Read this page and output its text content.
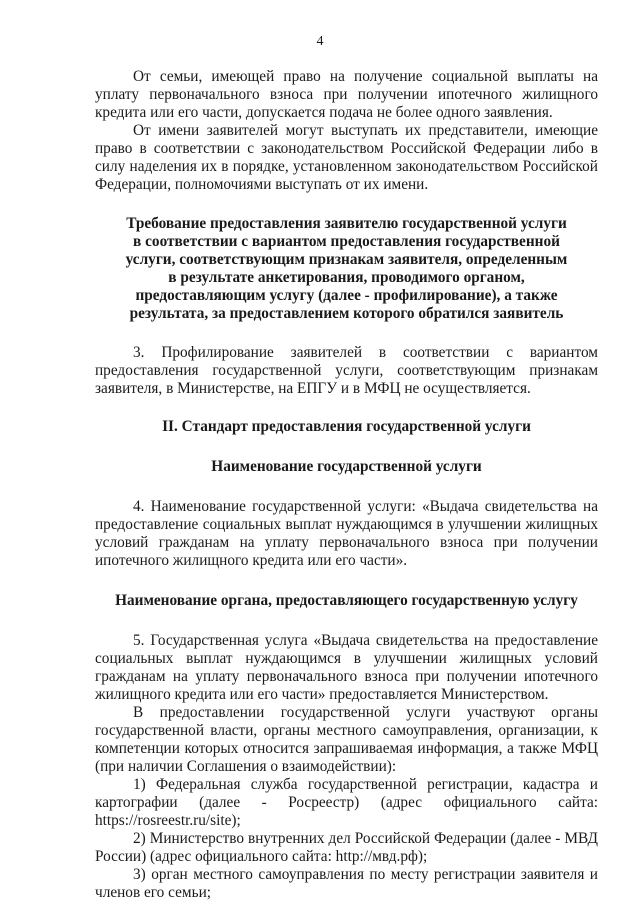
4

От семьи, имеющей право на получение социальной выплаты на уплату первоначального взноса при получении ипотечного жилищного кредита или его части, допускается подача не более одного заявления.

От имени заявителей могут выступать их представители, имеющие право в соответствии с законодательством Российской Федерации либо в силу наделения их в порядке, установленном законодательством Российской Федерации, полномочиями выступать от их имени.

Требование предоставления заявителю государственной услуги
в соответствии с вариантом предоставления государственной
услуги, соответствующим признакам заявителя, определенным
в результате анкетирования, проводимого органом,
предоставляющим услугу (далее - профилирование), а также
результата, за предоставлением которого обратился заявитель

3. Профилирование заявителей в соответствии с вариантом предоставления государственной услуги, соответствующим признакам заявителя, в Министерстве, на ЕПГУ и в МФЦ не осуществляется.

II. Стандарт предоставления государственной услуги
Наименование государственной услуги

4. Наименование государственной услуги: «Выдача свидетельства на предоставление социальных выплат нуждающимся в улучшении жилищных условий гражданам на уплату первоначального взноса при получении ипотечного жилищного кредита или его части».

Наименование органа, предоставляющего государственную услугу

5. Государственная услуга «Выдача свидетельства на предоставление социальных выплат нуждающимся в улучшении жилищных условий гражданам на уплату первоначального взноса при получении ипотечного жилищного кредита или его части» предоставляется Министерством.

В предоставлении государственной услуги участвуют органы государственной власти, органы местного самоуправления, организации, к компетенции которых относится запрашиваемая информация, а также МФЦ (при наличии Соглашения о взаимодействии):

1) Федеральная служба государственной регистрации, кадастра и картографии (далее - Росреестр) (адрес официального сайта: https://rosreestr.ru/site);

2) Министерство внутренних дел Российской Федерации (далее - МВД России) (адрес официального сайта: http://мвд.рф);

3) орган местного самоуправления по месту регистрации заявителя и членов его семьи;
